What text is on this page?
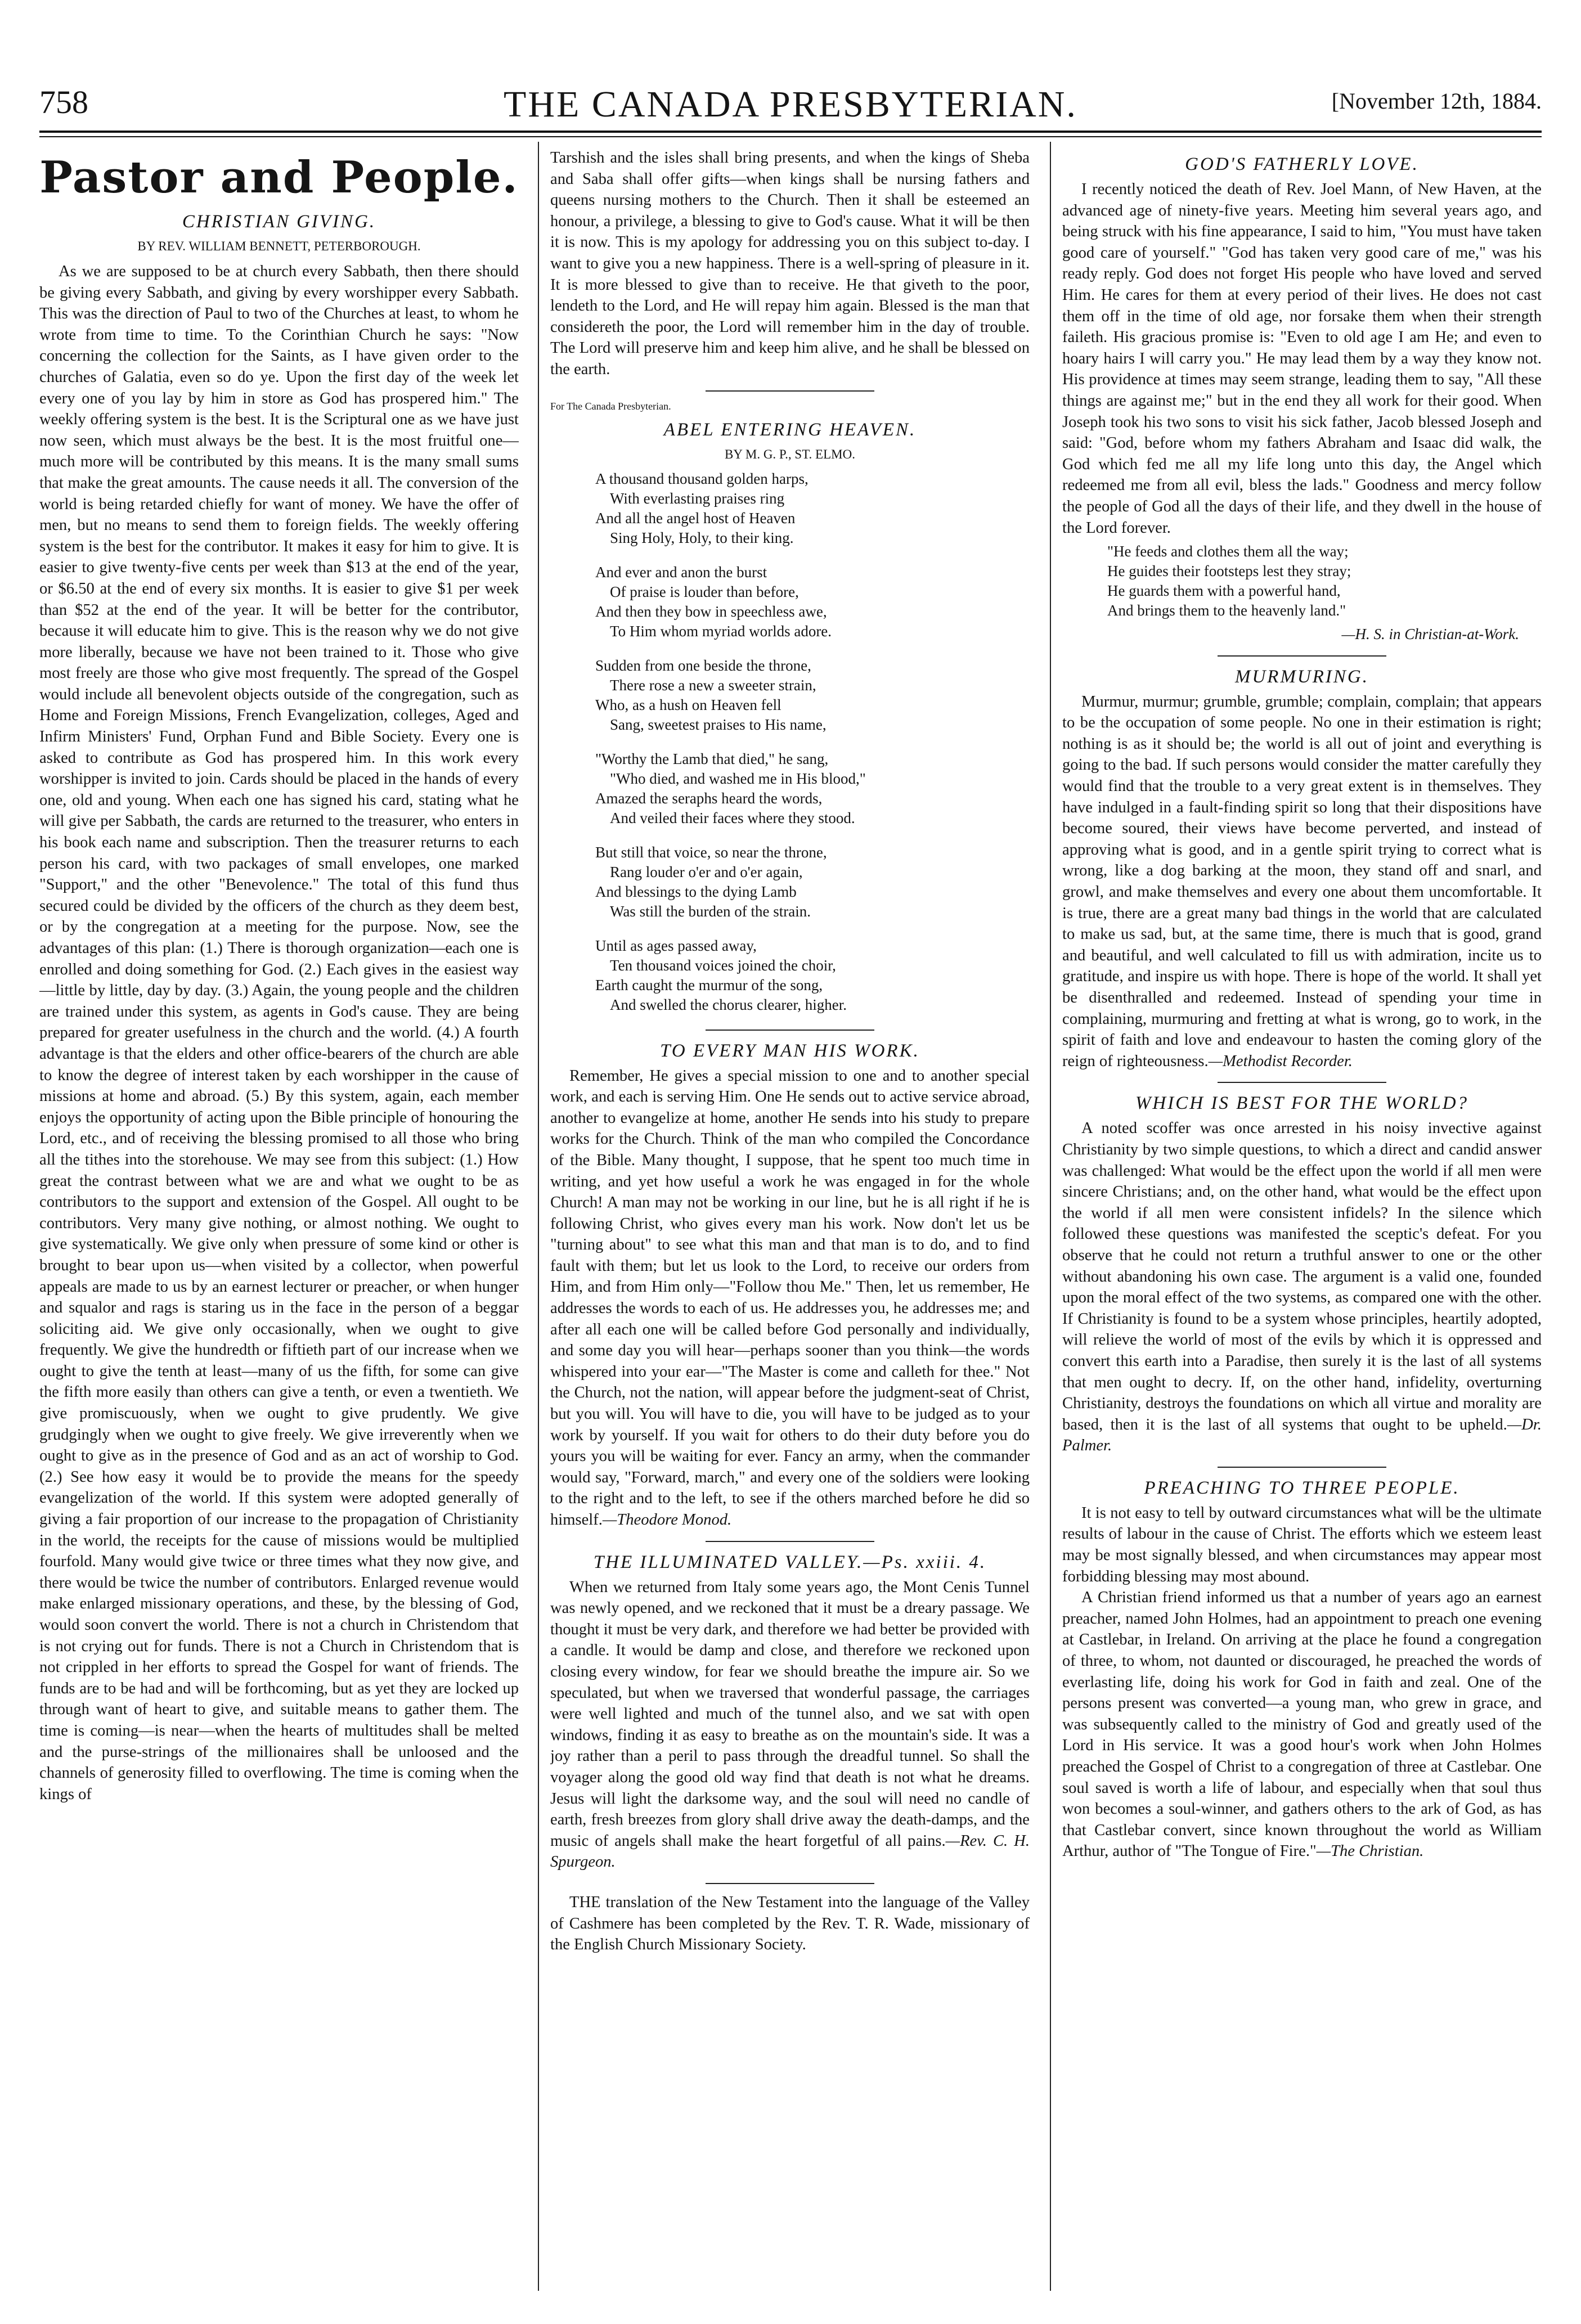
758	THE CANADA PRESBYTERIAN.	[November 12th, 1884.
Pastor and People.
CHRISTIAN GIVING.
BY REV. WILLIAM BENNETT, PETERBOROUGH.

As we are supposed to be at church every Sabbath, then there should be giving every Sabbath, and giving by every worshipper every Sabbath. This was the direction of Paul to two of the Churches at least, to whom he wrote from time to time. To the Corinthian Church he says: "Now concerning the collection for the Saints, as I have given order to the churches of Galatia, even so do ye. Upon the first day of the week let every one of you lay by him in store as God has prospered him." The weekly offering system is the best. It is the Scriptural one as we have just now seen, which must always be the best. It is the most fruitful one—much more will be contributed by this means. It is the many small sums that make the great amounts. The cause needs it all. The conversion of the world is being retarded chiefly for want of money. We have the offer of men, but no means to send them to foreign fields. The weekly offering system is the best for the contributor. It makes it easy for him to give. It is easier to give twenty-five cents per week than $13 at the end of the year, or $6.50 at the end of every six months. It is easier to give $1 per week than $52 at the end of the year. It will be better for the contributor, because it will educate him to give. This is the reason why we do not give more liberally, because we have not been trained to it. Those who give most freely are those who give most frequently. The spread of the Gospel would include all benevolent objects outside of the congregation, such as Home and Foreign Missions, French Evangelization, colleges, Aged and Infirm Ministers' Fund, Orphan Fund and Bible Society. Every one is asked to contribute as God has prospered him. In this work every worshipper is invited to join. Cards should be placed in the hands of every one, old and young. When each one has signed his card, stating what he will give per Sabbath, the cards are returned to the treasurer, who enters in his book each name and subscription. Then the treasurer returns to each person his card, with two packages of small envelopes, one marked "Support," and the other "Benevolence." The total of this fund thus secured could be divided by the officers of the church as they deem best, or by the congregation at a meeting for the purpose. Now, see the advantages of this plan: (1.) There is thorough organization—each one is enrolled and doing something for God. (2.) Each gives in the easiest way—little by little, day by day. (3.) Again, the young people and the children are trained under this system, as agents in God's cause. They are being prepared for greater usefulness in the church and the world. (4.) A fourth advantage is that the elders and other office-bearers of the church are able to know the degree of interest taken by each worshipper in the cause of missions at home and abroad. (5.) By this system, again, each member enjoys the opportunity of acting upon the Bible principle of honouring the Lord, etc., and of receiving the blessing promised to all those who bring all the tithes into the storehouse. We may see from this subject: (1.) How great the contrast between what we are and what we ought to be as contributors to the support and extension of the Gospel. All ought to be contributors. Very many give nothing, or almost nothing. We ought to give systematically. We give only when pressure of some kind or other is brought to bear upon us—when visited by a collector, when powerful appeals are made to us by an earnest lecturer or preacher, or when hunger and squalor and rags is staring us in the face in the person of a beggar soliciting aid. We give only occasionally, when we ought to give frequently. We give the hundredth or fiftieth part of our increase when we ought to give the tenth at least—many of us the fifth, for some can give the fifth more easily than others can give a tenth, or even a twentieth. We give promiscuously, when we ought to give prudently. We give grudgingly when we ought to give freely. We give irreverently when we ought to give as in the presence of God and as an act of worship to God. (2.) See how easy it would be to provide the means for the speedy evangelization of the world. If this system were adopted generally of giving a fair proportion of our increase to the propagation of Christianity in the world, the receipts for the cause of missions would be multiplied fourfold. Many would give twice or three times what they now give, and there would be twice the number of contributors. Enlarged revenue would make enlarged missionary operations, and these, by the blessing of God, would soon convert the world. There is not a church in Christendom that is not crying out for funds. There is not a Church in Christendom that is not crippled in her efforts to spread the Gospel for want of friends. The funds are to be had and will be forthcoming, but as yet they are locked up through want of heart to give, and suitable means to gather them. The time is coming—is near—when the hearts of multitudes shall be melted and the purse-strings of the millionaires shall be unloosed and the channels of generosity filled to overflowing. The time is coming when the kings of

Tarshish and the isles shall bring presents, and when the kings of Sheba and Saba shall offer gifts—when kings shall be nursing fathers and queens nursing mothers to the Church. Then it shall be esteemed an honour, a privilege, a blessing to give to God's cause. What it will be then it is now. This is my apology for addressing you on this subject to-day. I want to give you a new happiness. There is a well-spring of pleasure in it. It is more blessed to give than to receive. He that giveth to the poor, lendeth to the Lord, and He will repay him again. Blessed is the man that considereth the poor, the Lord will remember him in the day of trouble. The Lord will preserve him and keep him alive, and he shall be blessed on the earth.

For The Canada Presbyterian.
ABEL ENTERING HEAVEN.
BY M. G. P., ST. ELMO.
A thousand thousand golden harps,
With everlasting praises ring
And all the angel host of Heaven
Sing Holy, Holy, to their king.
And ever and anon the burst
Of praise is louder than before,
And then they bow in speechless awe,
To Him whom myriad worlds adore.
Sudden from one beside the throne,
There rose a new a sweeter strain,
Who, as a hush on Heaven fell
Sang, sweetest praises to His name,
"Worthy the Lamb that died," he sang,
"Who died, and washed me in His blood,"
Amazed the seraphs heard the words,
And veiled their faces where they stood.
But still that voice, so near the throne,
Rang louder o'er and o'er again,
And blessings to the dying Lamb
Was still the burden of the strain.
Until as ages passed away,
Ten thousand voices joined the choir,
Earth caught the murmur of the song,
And swelled the chorus clearer, higher.
TO EVERY MAN HIS WORK.

Remember, He gives a special mission to one and to another special work, and each is serving Him. One He sends out to active service abroad, another to evangelize at home, another He sends into his study to prepare works for the Church. Think of the man who compiled the Concordance of the Bible. Many thought, I suppose, that he spent too much time in writing, and yet how useful a work he was engaged in for the whole Church! A man may not be working in our line, but he is all right if he is following Christ, who gives every man his work. Now don't let us be "turning about" to see what this man and that man is to do, and to find fault with them; but let us look to the Lord, to receive our orders from Him, and from Him only—"Follow thou Me." Then, let us remember, He addresses the words to each of us. He addresses you, he addresses me; and after all each one will be called before God personally and individually, and some day you will hear—perhaps sooner than you think—the words whispered into your ear—"The Master is come and calleth for thee." Not the Church, not the nation, will appear before the judgment-seat of Christ, but you will. You will have to die, you will have to be judged as to your work by yourself. If you wait for others to do their duty before you do yours you will be waiting for ever. Fancy an army, when the commander would say, "Forward, march," and every one of the soldiers were looking to the right and to the left, to see if the others marched before he did so himself.—Theodore Monod.

THE ILLUMINATED VALLEY.—Ps. xxiii. 4.

When we returned from Italy some years ago, the Mont Cenis Tunnel was newly opened, and we reckoned that it must be a dreary passage. We thought it must be very dark, and therefore we had better be provided with a candle. It would be damp and close, and therefore we reckoned upon closing every window, for fear we should breathe the impure air. So we speculated, but when we traversed that wonderful passage, the carriages were well lighted and much of the tunnel also, and we sat with open windows, finding it as easy to breathe as on the mountain's side. It was a joy rather than a peril to pass through the dreadful tunnel. So shall the voyager along the good old way find that death is not what he dreams. Jesus will light the darksome way, and the soul will need no candle of earth, fresh breezes from glory shall drive away the death-damps, and the music of angels shall make the heart forgetful of all pains.—Rev. C. H. Spurgeon.

THE translation of the New Testament into the language of the Valley of Cashmere has been completed by the Rev. T. R. Wade, missionary of the English Church Missionary Society.

GOD'S FATHERLY LOVE.

I recently noticed the death of Rev. Joel Mann, of New Haven, at the advanced age of ninety-five years. Meeting him several years ago, and being struck with his fine appearance, I said to him, "You must have taken good care of yourself." "God has taken very good care of me," was his ready reply. God does not forget His people who have loved and served Him. He cares for them at every period of their lives. He does not cast them off in the time of old age, nor forsake them when their strength faileth. His gracious promise is: "Even to old age I am He; and even to hoary hairs I will carry you." He may lead them by a way they know not. His providence at times may seem strange, leading them to say, "All these things are against me;" but in the end they all work for their good. When Joseph took his two sons to visit his sick father, Jacob blessed Joseph and said: "God, before whom my fathers Abraham and Isaac did walk, the God which fed me all my life long unto this day, the Angel which redeemed me from all evil, bless the lads." Goodness and mercy follow the people of God all the days of their life, and they dwell in the house of the Lord forever.

"He feeds and clothes them all the way;
He guides their footsteps lest they stray;
He guards them with a powerful hand,
And brings them to the heavenly land."
—H. S. in Christian-at-Work.
MURMURING.

Murmur, murmur; grumble, grumble; complain, complain; that appears to be the occupation of some people. No one in their estimation is right; nothing is as it should be; the world is all out of joint and everything is going to the bad. If such persons would consider the matter carefully they would find that the trouble to a very great extent is in themselves. They have indulged in a fault-finding spirit so long that their dispositions have become soured, their views have become perverted, and instead of approving what is good, and in a gentle spirit trying to correct what is wrong, like a dog barking at the moon, they stand off and snarl, and growl, and make themselves and every one about them uncomfortable. It is true, there are a great many bad things in the world that are calculated to make us sad, but, at the same time, there is much that is good, grand and beautiful, and well calculated to fill us with admiration, incite us to gratitude, and inspire us with hope. There is hope of the world. It shall yet be disenthralled and redeemed. Instead of spending your time in complaining, murmuring and fretting at what is wrong, go to work, in the spirit of faith and love and endeavour to hasten the coming glory of the reign of righteousness.—Methodist Recorder.

WHICH IS BEST FOR THE WORLD?

A noted scoffer was once arrested in his noisy invective against Christianity by two simple questions, to which a direct and candid answer was challenged: What would be the effect upon the world if all men were sincere Christians; and, on the other hand, what would be the effect upon the world if all men were consistent infidels? In the silence which followed these questions was manifested the sceptic's defeat. For you observe that he could not return a truthful answer to one or the other without abandoning his own case. The argument is a valid one, founded upon the moral effect of the two systems, as compared one with the other. If Christianity is found to be a system whose principles, heartily adopted, will relieve the world of most of the evils by which it is oppressed and convert this earth into a Paradise, then surely it is the last of all systems that men ought to decry. If, on the other hand, infidelity, overturning Christianity, destroys the foundations on which all virtue and morality are based, then it is the last of all systems that ought to be upheld.—Dr. Palmer.

PREACHING TO THREE PEOPLE.

It is not easy to tell by outward circumstances what will be the ultimate results of labour in the cause of Christ. The efforts which we esteem least may be most signally blessed, and when circumstances may appear most forbidding blessing may most abound.

A Christian friend informed us that a number of years ago an earnest preacher, named John Holmes, had an appointment to preach one evening at Castlebar, in Ireland. On arriving at the place he found a congregation of three, to whom, not daunted or discouraged, he preached the words of everlasting life, doing his work for God in faith and zeal. One of the persons present was converted—a young man, who grew in grace, and was subsequently called to the ministry of God and greatly used of the Lord in His service. It was a good hour's work when John Holmes preached the Gospel of Christ to a congregation of three at Castlebar. One soul saved is worth a life of labour, and especially when that soul thus won becomes a soul-winner, and gathers others to the ark of God, as has that Castlebar convert, since known throughout the world as William Arthur, author of "The Tongue of Fire."—The Christian.
